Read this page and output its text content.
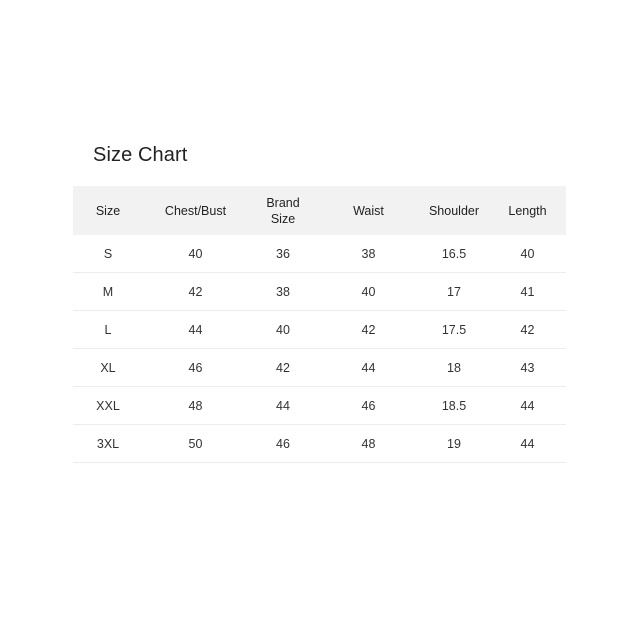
Size Chart
Size	Chest/Bust	Brand Size	Waist	Shoulder	Length
S	40	36	38	16.5	40
M	42	38	40	17	41
L	44	40	42	17.5	42
XL	46	42	44	18	43
XXL	48	44	46	18.5	44
3XL	50	46	48	19	44
